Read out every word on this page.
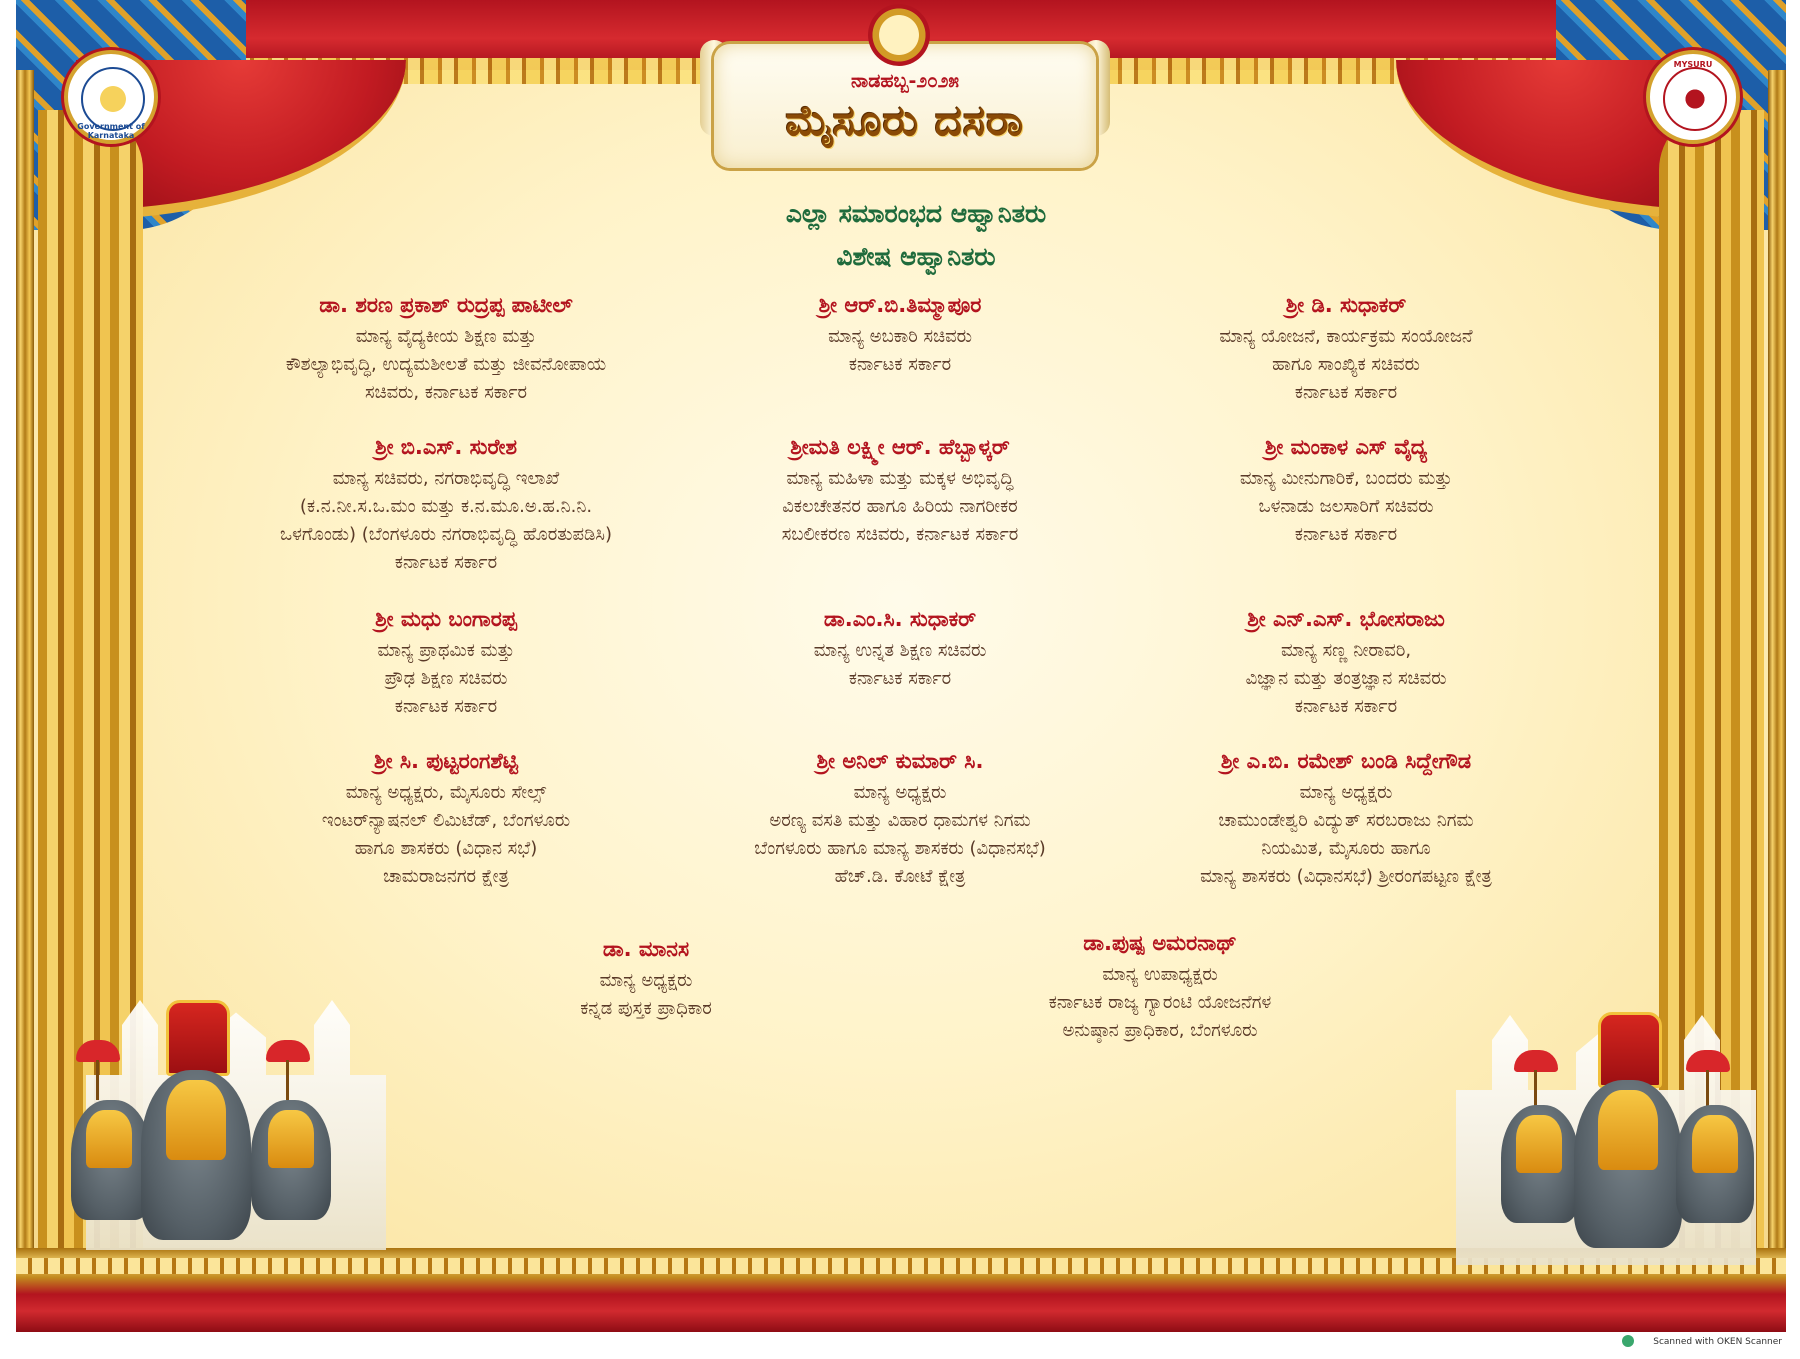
Government of Karnataka
MYSURU
ನಾಡಹಬ್ಬ-೨೦೨೫
ಮೈಸೂರು ದಸರಾ
ಎಲ್ಲಾ ಸಮಾರಂಭದ ಆಹ್ವಾನಿತರು
ವಿಶೇಷ ಆಹ್ವಾನಿತರು
ಡಾ. ಶರಣ ಪ್ರಕಾಶ್ ರುದ್ರಪ್ಪ ಪಾಟೀಲ್
ಮಾನ್ಯ ವೈದ್ಯಕೀಯ ಶಿಕ್ಷಣ ಮತ್ತು
ಕೌಶಲ್ಯಾಭಿವೃದ್ಧಿ, ಉದ್ಯಮಶೀಲತೆ ಮತ್ತು ಜೀವನೋಪಾಯ
ಸಚಿವರು, ಕರ್ನಾಟಕ ಸರ್ಕಾರ
ಶ್ರೀ ಆರ್.ಬಿ.ತಿಮ್ಮಾಪೂರ
ಮಾನ್ಯ ಅಬಕಾರಿ ಸಚಿವರು
ಕರ್ನಾಟಕ ಸರ್ಕಾರ
ಶ್ರೀ ಡಿ. ಸುಧಾಕರ್
ಮಾನ್ಯ ಯೋಜನೆ, ಕಾರ್ಯಕ್ರಮ ಸಂಯೋಜನೆ
ಹಾಗೂ ಸಾಂಖ್ಯಿಕ ಸಚಿವರು
ಕರ್ನಾಟಕ ಸರ್ಕಾರ
ಶ್ರೀ ಬಿ.ಎಸ್. ಸುರೇಶ
ಮಾನ್ಯ ಸಚಿವರು, ನಗರಾಭಿವೃದ್ಧಿ ಇಲಾಖೆ
(ಕ.ನ.ನೀ.ಸ.ಒ.ಮಂ ಮತ್ತು ಕ.ನ.ಮೂ.ಅ.ಹ.ನಿ.ನಿ.
ಒಳಗೊಂಡು) (ಬೆಂಗಳೂರು ನಗರಾಭಿವೃದ್ಧಿ ಹೊರತುಪಡಿಸಿ)
ಕರ್ನಾಟಕ ಸರ್ಕಾರ
ಶ್ರೀಮತಿ ಲಕ್ಷ್ಮೀ ಆರ್. ಹೆಬ್ಬಾಳ್ಕರ್
ಮಾನ್ಯ ಮಹಿಳಾ ಮತ್ತು ಮಕ್ಕಳ ಅಭಿವೃದ್ಧಿ
ವಿಕಲಚೇತನರ ಹಾಗೂ ಹಿರಿಯ ನಾಗರೀಕರ
ಸಬಲೀಕರಣ ಸಚಿವರು, ಕರ್ನಾಟಕ ಸರ್ಕಾರ
ಶ್ರೀ ಮಂಕಾಳ ಎಸ್ ವೈದ್ಯ
ಮಾನ್ಯ ಮೀನುಗಾರಿಕೆ, ಬಂದರು ಮತ್ತು
ಒಳನಾಡು ಜಲಸಾರಿಗೆ ಸಚಿವರು
ಕರ್ನಾಟಕ ಸರ್ಕಾರ
ಶ್ರೀ ಮಧು ಬಂಗಾರಪ್ಪ
ಮಾನ್ಯ ಪ್ರಾಥಮಿಕ ಮತ್ತು
ಪ್ರೌಢ ಶಿಕ್ಷಣ ಸಚಿವರು
ಕರ್ನಾಟಕ ಸರ್ಕಾರ
ಡಾ.ಎಂ.ಸಿ. ಸುಧಾಕರ್
ಮಾನ್ಯ ಉನ್ನತ ಶಿಕ್ಷಣ ಸಚಿವರು
ಕರ್ನಾಟಕ ಸರ್ಕಾರ
ಶ್ರೀ ಎನ್.ಎಸ್. ಭೋಸರಾಜು
ಮಾನ್ಯ ಸಣ್ಣ ನೀರಾವರಿ,
ವಿಜ್ಞಾನ ಮತ್ತು ತಂತ್ರಜ್ಞಾನ ಸಚಿವರು
ಕರ್ನಾಟಕ ಸರ್ಕಾರ
ಶ್ರೀ ಸಿ. ಪುಟ್ಟರಂಗಶೆಟ್ಟಿ
ಮಾನ್ಯ ಅಧ್ಯಕ್ಷರು, ಮೈಸೂರು ಸೇಲ್ಸ್
ಇಂಟರ್‌ನ್ಯಾಷನಲ್ ಲಿಮಿಟೆಡ್, ಬೆಂಗಳೂರು
ಹಾಗೂ ಶಾಸಕರು (ವಿಧಾನ ಸಭೆ)
ಚಾಮರಾಜನಗರ ಕ್ಷೇತ್ರ
ಶ್ರೀ ಅನಿಲ್ ಕುಮಾರ್ ಸಿ.
ಮಾನ್ಯ ಅಧ್ಯಕ್ಷರು
ಅರಣ್ಯ ವಸತಿ ಮತ್ತು ವಿಹಾರ ಧಾಮಗಳ ನಿಗಮ
ಬೆಂಗಳೂರು ಹಾಗೂ ಮಾನ್ಯ ಶಾಸಕರು (ವಿಧಾನಸಭೆ)
ಹೆಚ್.ಡಿ. ಕೋಟೆ ಕ್ಷೇತ್ರ
ಶ್ರೀ ಎ.ಬಿ. ರಮೇಶ್ ಬಂಡಿ ಸಿದ್ದೇಗೌಡ
ಮಾನ್ಯ ಅಧ್ಯಕ್ಷರು
ಚಾಮುಂಡೇಶ್ವರಿ ವಿದ್ಯುತ್ ಸರಬರಾಜು ನಿಗಮ
ನಿಯಮಿತ, ಮೈಸೂರು ಹಾಗೂ
ಮಾನ್ಯ ಶಾಸಕರು (ವಿಧಾನಸಭೆ) ಶ್ರೀರಂಗಪಟ್ಟಣ ಕ್ಷೇತ್ರ
ಡಾ. ಮಾನಸ
ಮಾನ್ಯ ಅಧ್ಯಕ್ಷರು
ಕನ್ನಡ ಪುಸ್ತಕ ಪ್ರಾಧಿಕಾರ
ಡಾ.ಪುಷ್ಪ ಅಮರನಾಥ್
ಮಾನ್ಯ ಉಪಾಧ್ಯಕ್ಷರು
ಕರ್ನಾಟಕ ರಾಜ್ಯ ಗ್ಯಾರಂಟಿ ಯೋಜನೆಗಳ
ಅನುಷ್ಠಾನ ಪ್ರಾಧಿಕಾರ, ಬೆಂಗಳೂರು
Scanned with OKEN Scanner
